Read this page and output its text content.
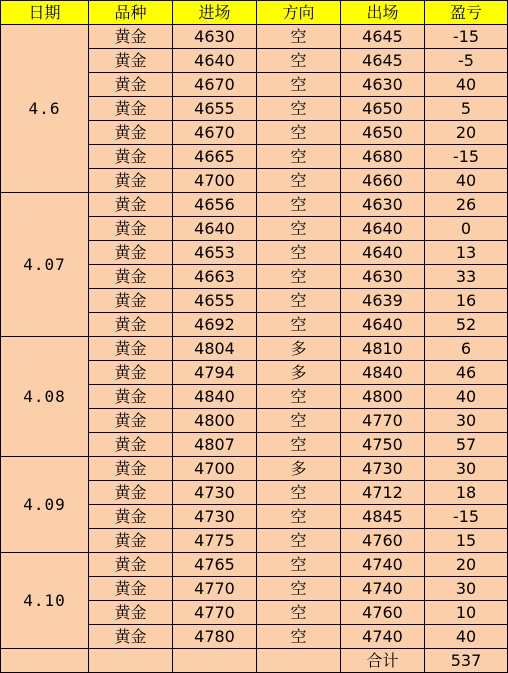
日期	品种	进场	方向	出场	盈亏
4.6	黄金	4630	空	4645	-15
	黄金	4640	空	4645	-5
	黄金	4670	空	4630	40
	黄金	4655	空	4650	5
	黄金	4670	空	4650	20
	黄金	4665	空	4680	-15
	黄金	4700	空	4660	40
4.07	黄金	4656	空	4630	26
	黄金	4640	空	4640	0
	黄金	4653	空	4640	13
	黄金	4663	空	4630	33
	黄金	4655	空	4639	16
	黄金	4692	空	4640	52
4.08	黄金	4804	多	4810	6
	黄金	4794	多	4840	46
	黄金	4840	空	4800	40
	黄金	4800	空	4770	30
	黄金	4807	空	4750	57
4.09	黄金	4700	多	4730	30
	黄金	4730	空	4712	18
	黄金	4730	空	4845	-15
	黄金	4775	空	4760	15
4.10	黄金	4765	空	4740	20
	黄金	4770	空	4740	30
	黄金	4770	空	4760	10
	黄金	4780	空	4740	40
				合计	537
